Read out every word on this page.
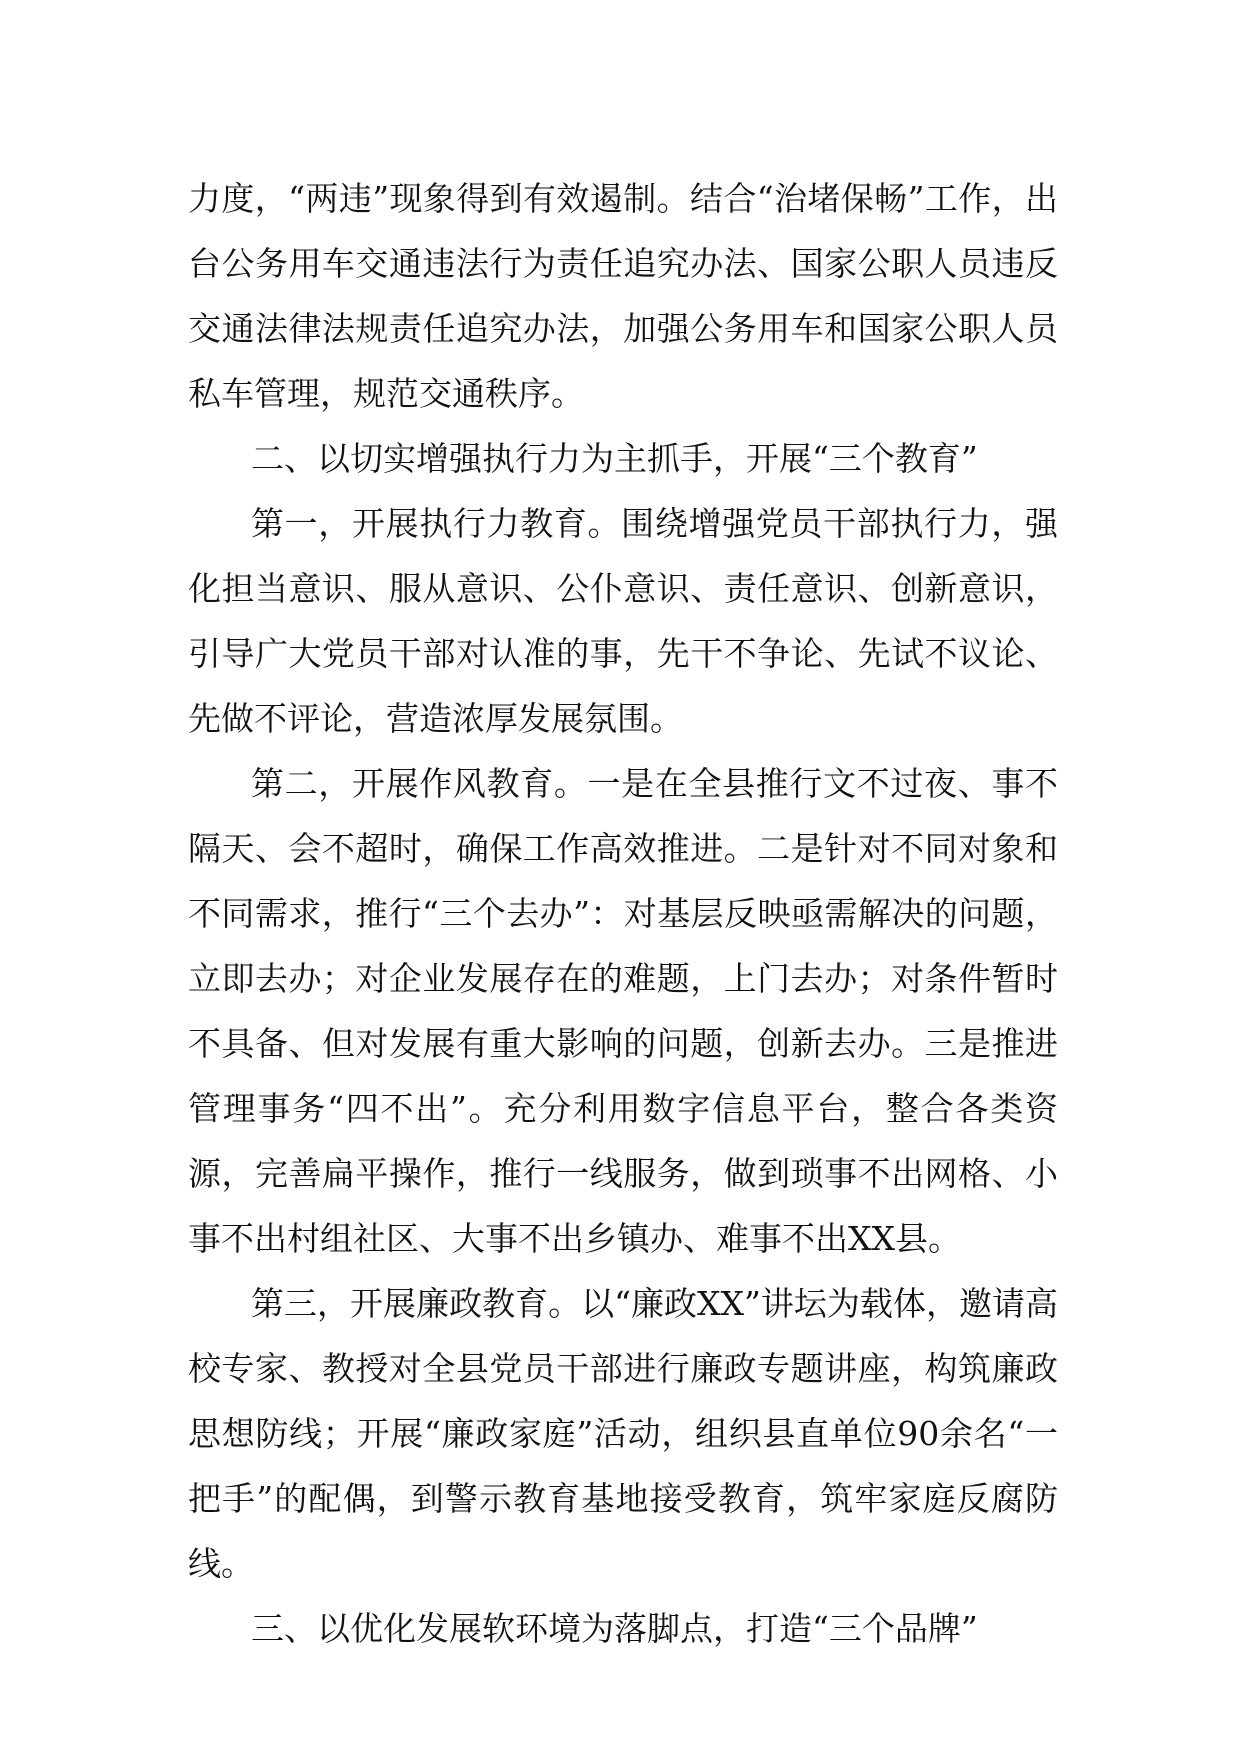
力度，“两违”现象得到有效遏制。结合“治堵保畅”工作，出台公务用车交通违法行为责任追究办法、国家公职人员违反交通法律法规责任追究办法，加强公务用车和国家公职人员私车管理，规范交通秩序。

二、以切实增强执行力为主抓手，开展“三个教育”

第一，开展执行力教育。围绕增强党员干部执行力，强化担当意识、服从意识、公仆意识、责任意识、创新意识，引导广大党员干部对认准的事，先干不争论、先试不议论、先做不评论，营造浓厚发展氛围。

第二，开展作风教育。一是在全县推行文不过夜、事不隔天、会不超时，确保工作高效推进。二是针对不同对象和不同需求，推行“三个去办”：对基层反映亟需解决的问题，立即去办；对企业发展存在的难题，上门去办；对条件暂时不具备、但对发展有重大影响的问题，创新去办。三是推进管理事务“四不出”。充分利用数字信息平台，整合各类资源，完善扁平操作，推行一线服务，做到琐事不出网格、小事不出村组社区、大事不出乡镇办、难事不出XX县。

第三，开展廉政教育。以“廉政XX”讲坛为载体，邀请高校专家、教授对全县党员干部进行廉政专题讲座，构筑廉政思想防线；开展“廉政家庭”活动，组织县直单位90余名“一把手”的配偶，到警示教育基地接受教育，筑牢家庭反腐防线。

三、以优化发展软环境为落脚点，打造“三个品牌”
